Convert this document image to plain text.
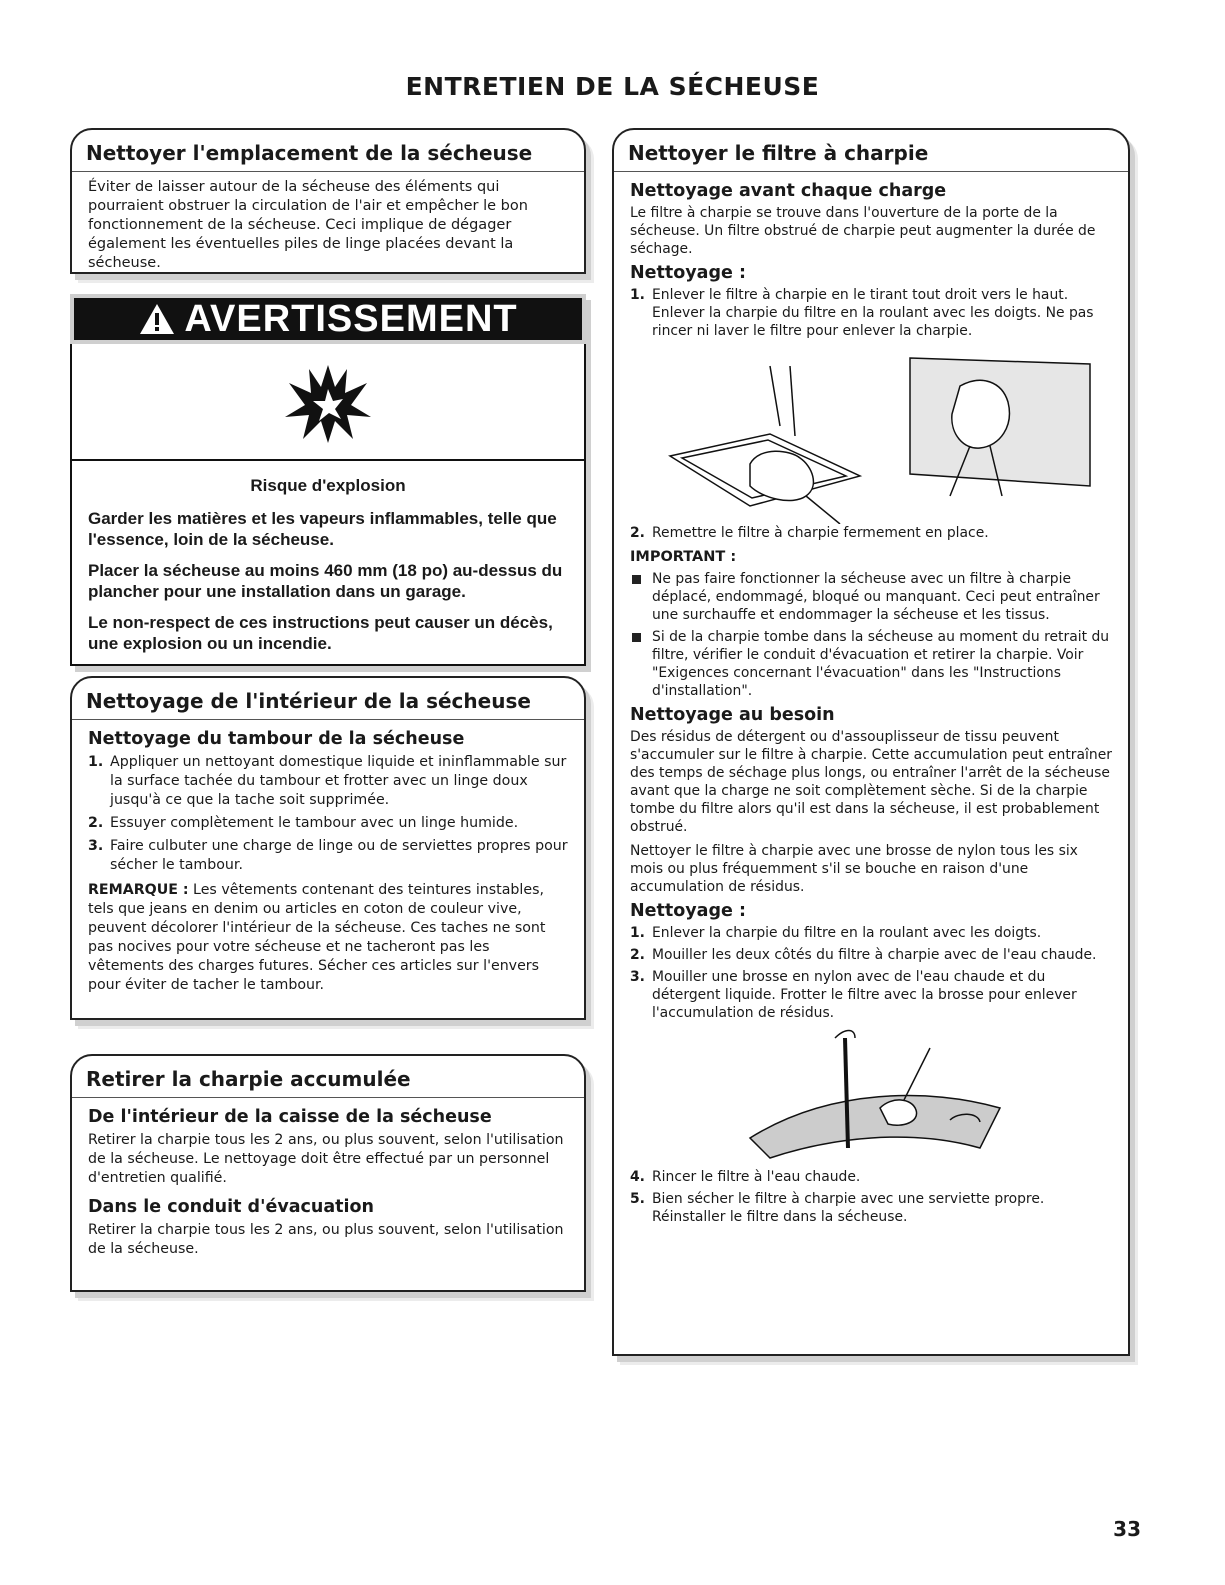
ENTRETIEN DE LA SÉCHEUSE
Nettoyer l'emplacement de la sécheuse

Éviter de laisser autour de la sécheuse des éléments qui pourraient obstruer la circulation de l'air et empêcher le bon fonctionnement de la sécheuse. Ceci implique de dégager également les éventuelles piles de linge placées devant la sécheuse.

AVERTISSEMENT
Risque d'explosion

Garder les matières et les vapeurs inflammables, telle que l'essence, loin de la sécheuse.

Placer la sécheuse au moins 460 mm (18 po) au-dessus du plancher pour une installation dans un garage.

Le non-respect de ces instructions peut causer un décès, une explosion ou un incendie.

Nettoyage de l'intérieur de la sécheuse
Nettoyage du tambour de la sécheuse
1. Appliquer un nettoyant domestique liquide et ininflammable sur la surface tachée du tambour et frotter avec un linge doux jusqu'à ce que la tache soit supprimée.
2. Essuyer complètement le tambour avec un linge humide.
3. Faire culbuter une charge de linge ou de serviettes propres pour sécher le tambour.

REMARQUE : Les vêtements contenant des teintures instables, tels que jeans en denim ou articles en coton de couleur vive, peuvent décolorer l'intérieur de la sécheuse. Ces taches ne sont pas nocives pour votre sécheuse et ne tacheront pas les vêtements des charges futures. Sécher ces articles sur l'envers pour éviter de tacher le tambour.

Retirer la charpie accumulée
De l'intérieur de la caisse de la sécheuse

Retirer la charpie tous les 2 ans, ou plus souvent, selon l'utilisation de la sécheuse. Le nettoyage doit être effectué par un personnel d'entretien qualifié.

Dans le conduit d'évacuation

Retirer la charpie tous les 2 ans, ou plus souvent, selon l'utilisation de la sécheuse.

Nettoyer le filtre à charpie
Nettoyage avant chaque charge

Le filtre à charpie se trouve dans l'ouverture de la porte de la sécheuse. Un filtre obstrué de charpie peut augmenter la durée de séchage.

Nettoyage :
1. Enlever le filtre à charpie en le tirant tout droit vers le haut. Enlever la charpie du filtre en la roulant avec les doigts. Ne pas rincer ni laver le filtre pour enlever la charpie.
2. Remettre le filtre à charpie fermement en place.
IMPORTANT :
Ne pas faire fonctionner la sécheuse avec un filtre à charpie déplacé, endommagé, bloqué ou manquant. Ceci peut entraîner une surchauffe et endommager la sécheuse et les tissus.
Si de la charpie tombe dans la sécheuse au moment du retrait du filtre, vérifier le conduit d'évacuation et retirer la charpie. Voir "Exigences concernant l'évacuation" dans les "Instructions d'installation".
Nettoyage au besoin

Des résidus de détergent ou d'assouplisseur de tissu peuvent s'accumuler sur le filtre à charpie. Cette accumulation peut entraîner des temps de séchage plus longs, ou entraîner l'arrêt de la sécheuse avant que la charge ne soit complètement sèche. Si de la charpie tombe du filtre alors qu'il est dans la sécheuse, il est probablement obstrué.

Nettoyer le filtre à charpie avec une brosse de nylon tous les six mois ou plus fréquemment s'il se bouche en raison d'une accumulation de résidus.

Nettoyage :
1. Enlever la charpie du filtre en la roulant avec les doigts.
2. Mouiller les deux côtés du filtre à charpie avec de l'eau chaude.
3. Mouiller une brosse en nylon avec de l'eau chaude et du détergent liquide. Frotter le filtre avec la brosse pour enlever l'accumulation de résidus.
4. Rincer le filtre à l'eau chaude.
5. Bien sécher le filtre à charpie avec une serviette propre. Réinstaller le filtre dans la sécheuse.
33
